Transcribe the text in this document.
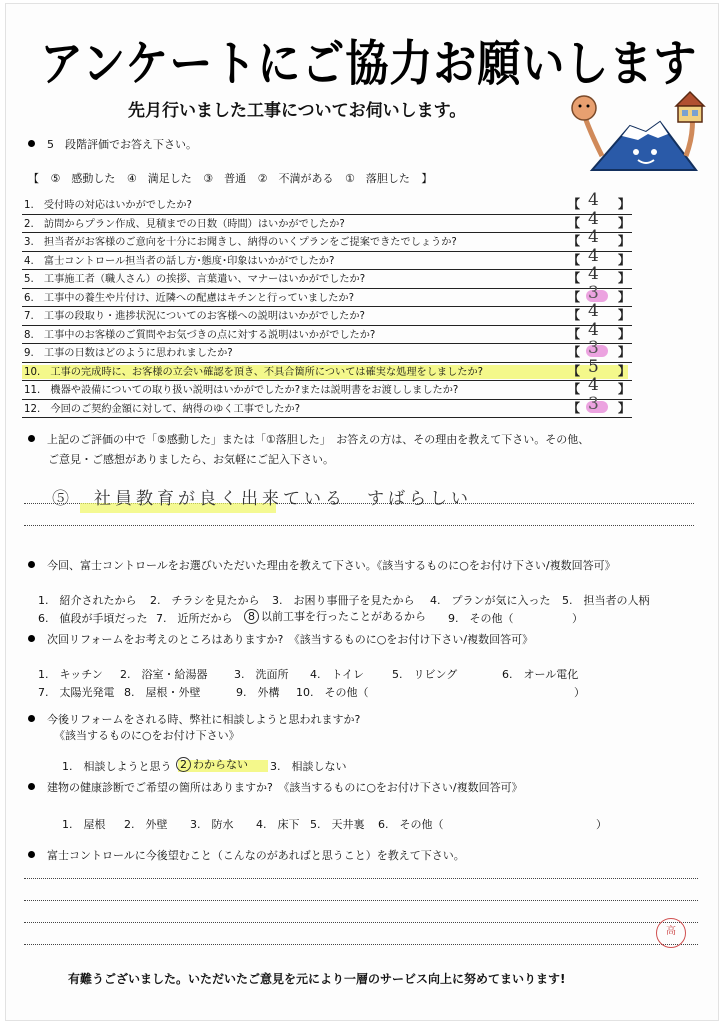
アンケートにご協力お願いします
先月行いました工事についてお伺いします。
5　段階評価でお答え下さい。
【 ⑤　感動した ④　満足した ③　普通 ②　不満がある ①　落胆した 】
1.　受付時の対応はいかがでしたか?	【 4 】
2.　訪問からプラン作成、見積までの日数（時間）はいかがでしたか?	【 4 】
3.　担当者がお客様のご意向を十分にお聞きし、納得のいくプランをご提案できたでしょうか?	【 4 】
4.　富士コントロール担当者の話し方･態度･印象はいかがでしたか?	【 4 】
5.　工事施工者（職人さん）の挨拶、言葉遣い、マナーはいかがでしたか?	【 4 】
6.　工事中の養生や片付け、近隣への配慮はキチンと行っていましたか?	【 3 】
7.　工事の段取り・進捗状況についてのお客様への説明はいかがでしたか?	【 4 】
8.　工事中のお客様のご質問やお気づきの点に対する説明はいかがでしたか?	【 4 】
9.　工事の日数はどのように思われましたか?	【 3 】
10.　工事の完成時に、お客様の立会い確認を頂き、不具合箇所については確実な処理をしましたか?	【 5 】
11.　機器や設備についての取り扱い説明はいかがでしたか?または説明書をお渡ししましたか?	【 4 】
12.　今回のご契約金額に対して、納得のゆく工事でしたか?	【 3 】
上記のご評価の中で「⑤感動した」または「①落胆した」　お答えの方は、その理由を教えて下さい。その他、
ご意見・ご感想がありましたら、お気軽にご記入下さい。
⑤　社員教育が良く出来ている　すばらしい
今回、富士コントロールをお選びいただいた理由を教えて下さい。《該当するものに○をお付け下さい/複数回答可》
1.　紹介されたから 2.　チラシを見たから 3.　お困り事冊子を見たから 4.　プランが気に入った 5.　担当者の人柄
6.　値段が手頃だった 7.　近所だから	8 以前工事を行ったことがあるから 9.　その他（	）
次回リフォームをお考えのところはありますか?　《該当するものに○をお付け下さい/複数回答可》
1.　キッチン 2.　浴室・給湯器 3.　洗面所 4.　トイレ	5.　リビング	6.　オール電化
7.　太陽光発電 8.　屋根・外壁	9.　外構 10.　その他（	）
今後リフォームをされる時、弊社に相談しようと思われますか?
《該当するものに○をお付け下さい》
1.　相談しようと思う 2 わからない 3.　相談しない
建物の健康診断でご希望の箇所はありますか?　《該当するものに○をお付け下さい/複数回答可》
1.　屋根 2.　外壁 3.　防水 4.　床下 5.　天井裏 6.　その他（	）
富士コントロールに今後望むこと（こんなのがあればと思うこと）を教えて下さい。
高
有難うございました。いただいたご意見を元により一層のサービス向上に努めてまいります!
